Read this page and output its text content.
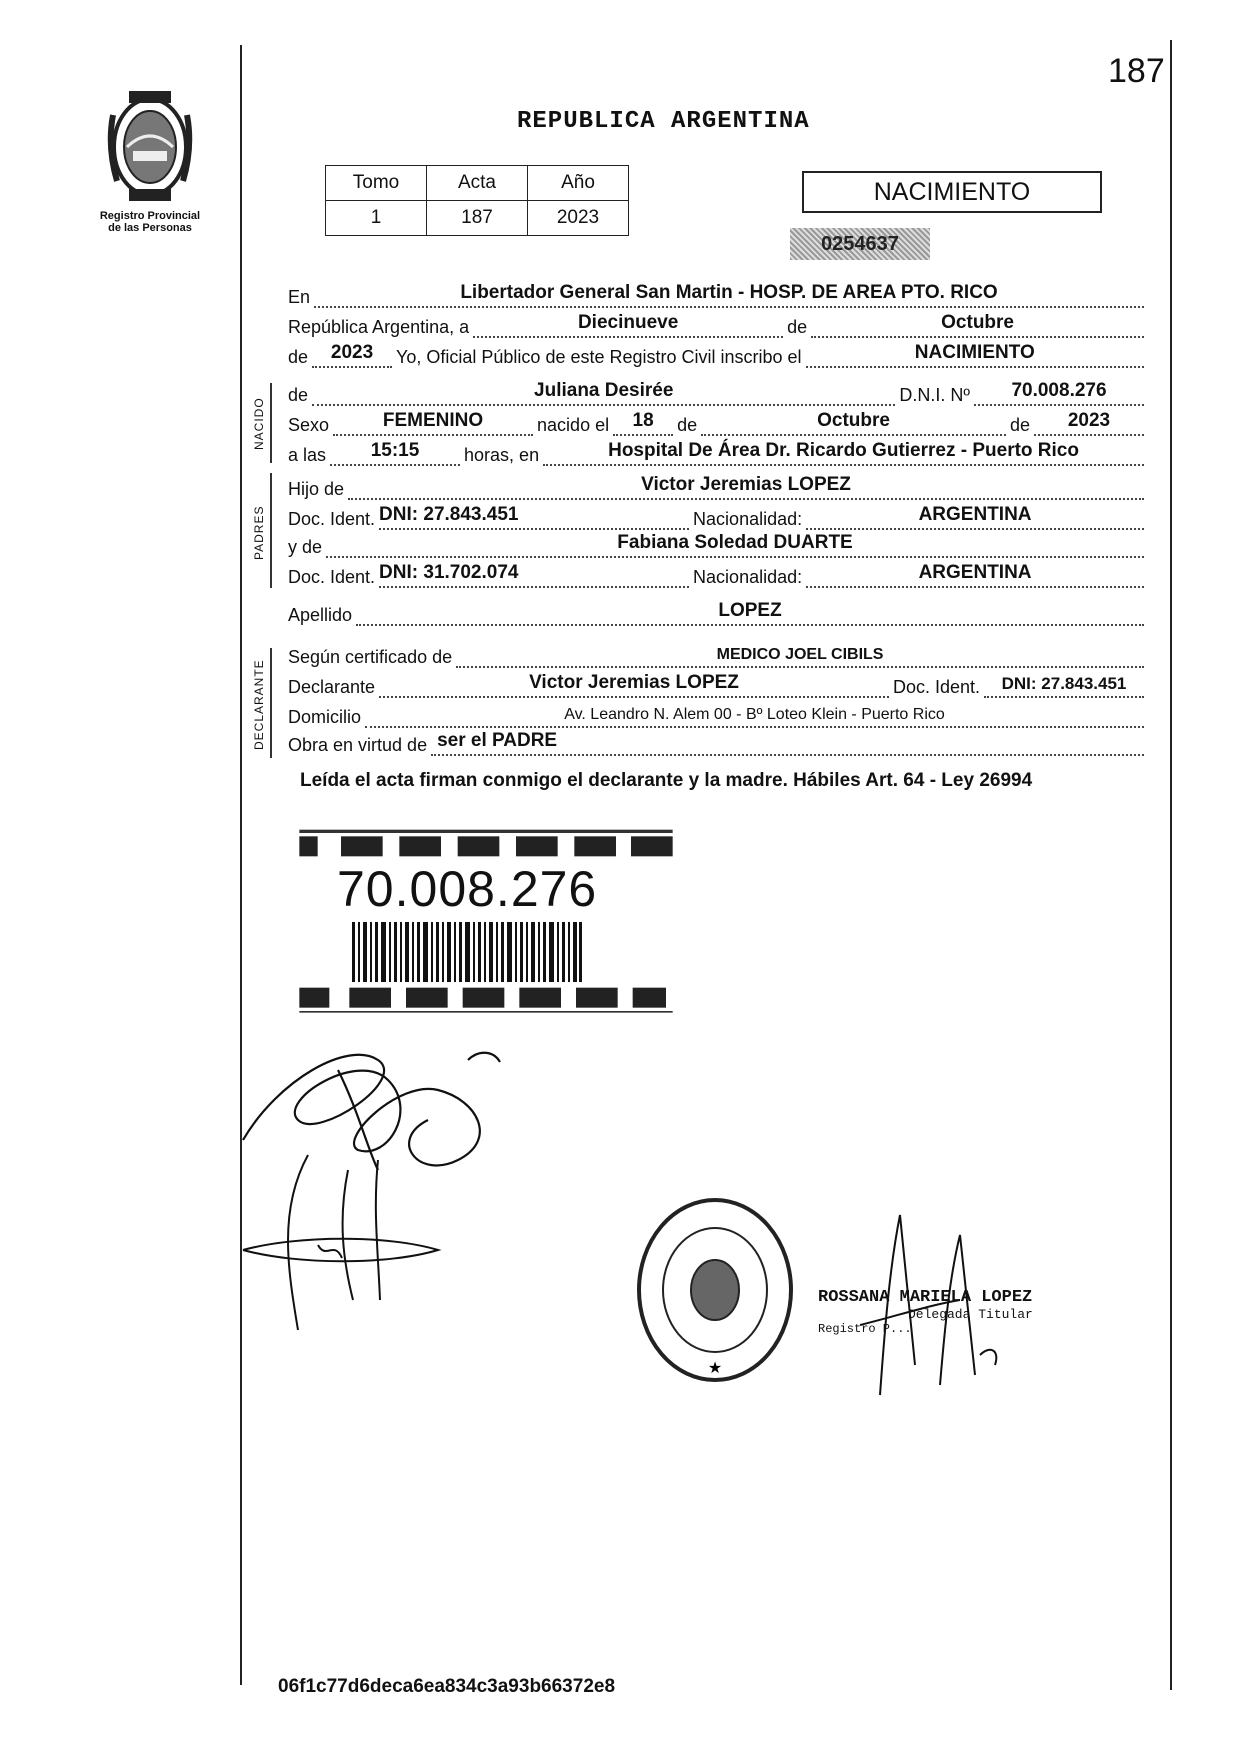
187
Registro Provincial
de las Personas
REPUBLICA ARGENTINA
Tomo	Acta	Año
1	187	2023
NACIMIENTO
0254637
En	Libertador General San Martin - HOSP. DE AREA PTO. RICO
República Argentina, a	Diecinueve	de	Octubre
de	2023	Yo, Oficial Público de este Registro Civil inscribo el	NACIMIENTO
NACIDO
de	Juliana Desirée	D.N.I. Nº	70.008.276
Sexo	FEMENINO	nacido el	18	de	Octubre	de	2023
a las	15:15	horas, en	Hospital De Área Dr. Ricardo Gutierrez - Puerto Rico
PADRES
Hijo de	Victor Jeremias LOPEZ
Doc. Ident. DNI: 27.843.451	Nacionalidad:	ARGENTINA
y de	Fabiana Soledad DUARTE
Doc. Ident. DNI: 31.702.074	Nacionalidad:	ARGENTINA
Apellido	LOPEZ
DECLARANTE
Según certificado de	MEDICO JOEL CIBILS
Declarante	Victor Jeremias LOPEZ	Doc. Ident.	DNI: 27.843.451
Domicilio	Av. Leandro N. Alem 00 - Bº Loteo Klein - Puerto Rico
Obra en virtud de ser el PADRE
Leída el acta firman conmigo el declarante y la madre. Hábiles Art. 64 - Ley 26994
70.008.276
★
ROSSANA MARIELA LOPEZ
Delegada Titular
Registro P...
06f1c77d6deca6ea834c3a93b66372e8
